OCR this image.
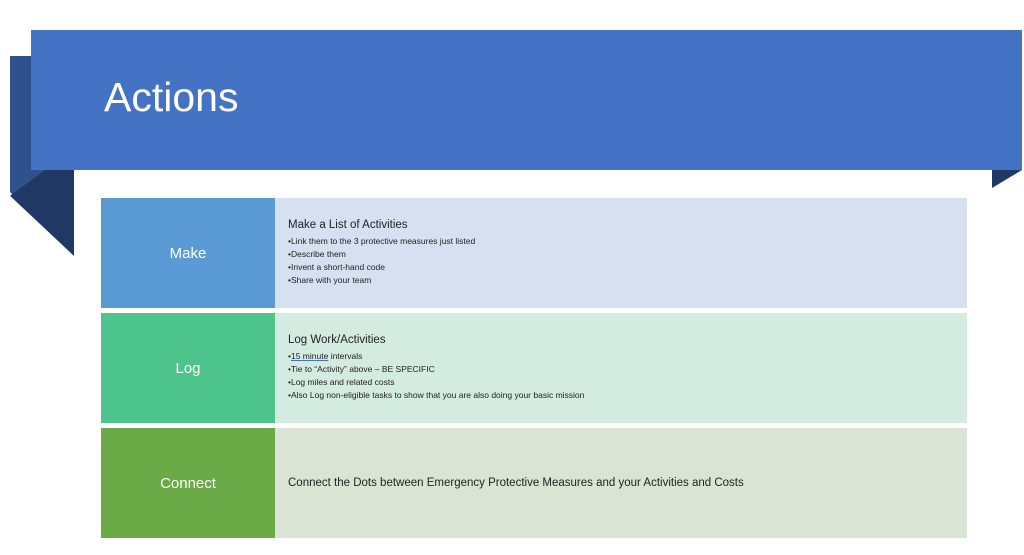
Actions
Make

Make a List of Activities

•Link them to the 3 protective measures just listed

•Describe them

•Invent a short-hand code

•Share with your team

Log

Log Work/Activities

•15 minute intervals

•Tie to “Activity” above – BE SPECIFIC

•Log miles and related costs

•Also Log non-eligible tasks to show that you are also doing your basic mission

Connect	Connect the Dots between Emergency Protective Measures and your Activities and Costs
